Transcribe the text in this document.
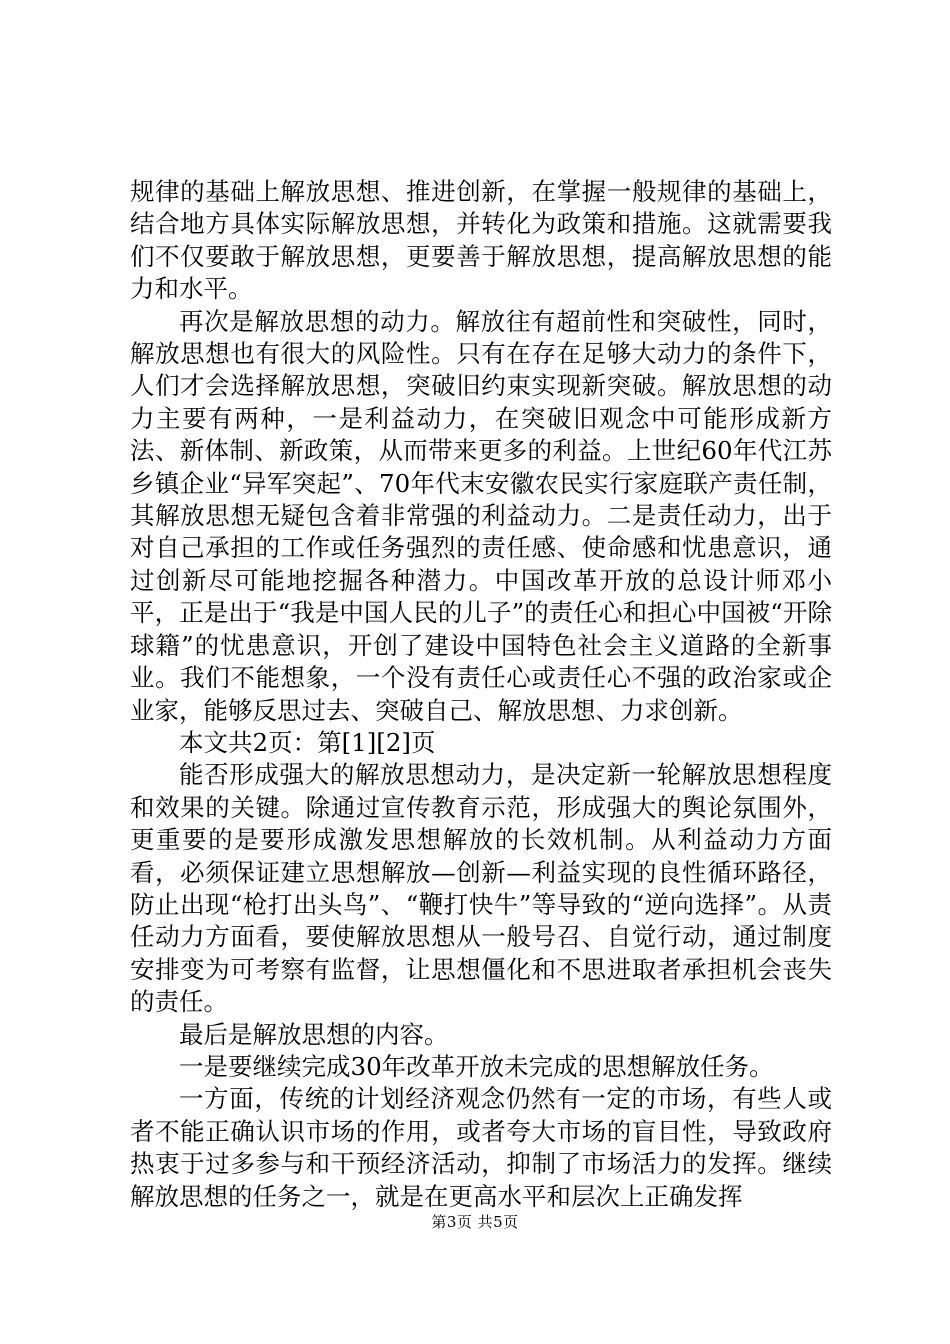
规律的基础上解放思想、推进创新，在掌握一般规律的基础上，结合地方具体实际解放思想，并转化为政策和措施。这就需要我们不仅要敢于解放思想，更要善于解放思想，提高解放思想的能力和水平。

再次是解放思想的动力。解放往有超前性和突破性，同时，解放思想也有很大的风险性。只有在存在足够大动力的条件下，人们才会选择解放思想，突破旧约束实现新突破。解放思想的动力主要有两种，一是利益动力，在突破旧观念中可能形成新方法、新体制、新政策，从而带来更多的利益。上世纪60年代江苏乡镇企业“异军突起”、70年代末安徽农民实行家庭联产责任制，其解放思想无疑包含着非常强的利益动力。二是责任动力，出于对自己承担的工作或任务强烈的责任感、使命感和忧患意识，通过创新尽可能地挖掘各种潜力。中国改革开放的总设计师邓小平，正是出于“我是中国人民的儿子”的责任心和担心中国被“开除球籍”的忧患意识，开创了建设中国特色社会主义道路的全新事业。我们不能想象，一个没有责任心或责任心不强的政治家或企业家，能够反思过去、突破自己、解放思想、力求创新。

本文共2页：第[1][2]页

能否形成强大的解放思想动力，是决定新一轮解放思想程度和效果的关键。除通过宣传教育示范，形成强大的舆论氛围外，更重要的是要形成激发思想解放的长效机制。从利益动力方面看，必须保证建立思想解放—创新—利益实现的良性循环路径，防止出现“枪打出头鸟”、“鞭打快牛”等导致的“逆向选择”。从责任动力方面看，要使解放思想从一般号召、自觉行动，通过制度安排变为可考察有监督，让思想僵化和不思进取者承担机会丧失的责任。

最后是解放思想的内容。

一是要继续完成30年改革开放未完成的思想解放任务。

一方面，传统的计划经济观念仍然有一定的市场，有些人或者不能正确认识市场的作用，或者夸大市场的盲目性，导致政府热衷于过多参与和干预经济活动，抑制了市场活力的发挥。继续解放思想的任务之一，就是在更高水平和层次上正确发挥

第3页 共5页
